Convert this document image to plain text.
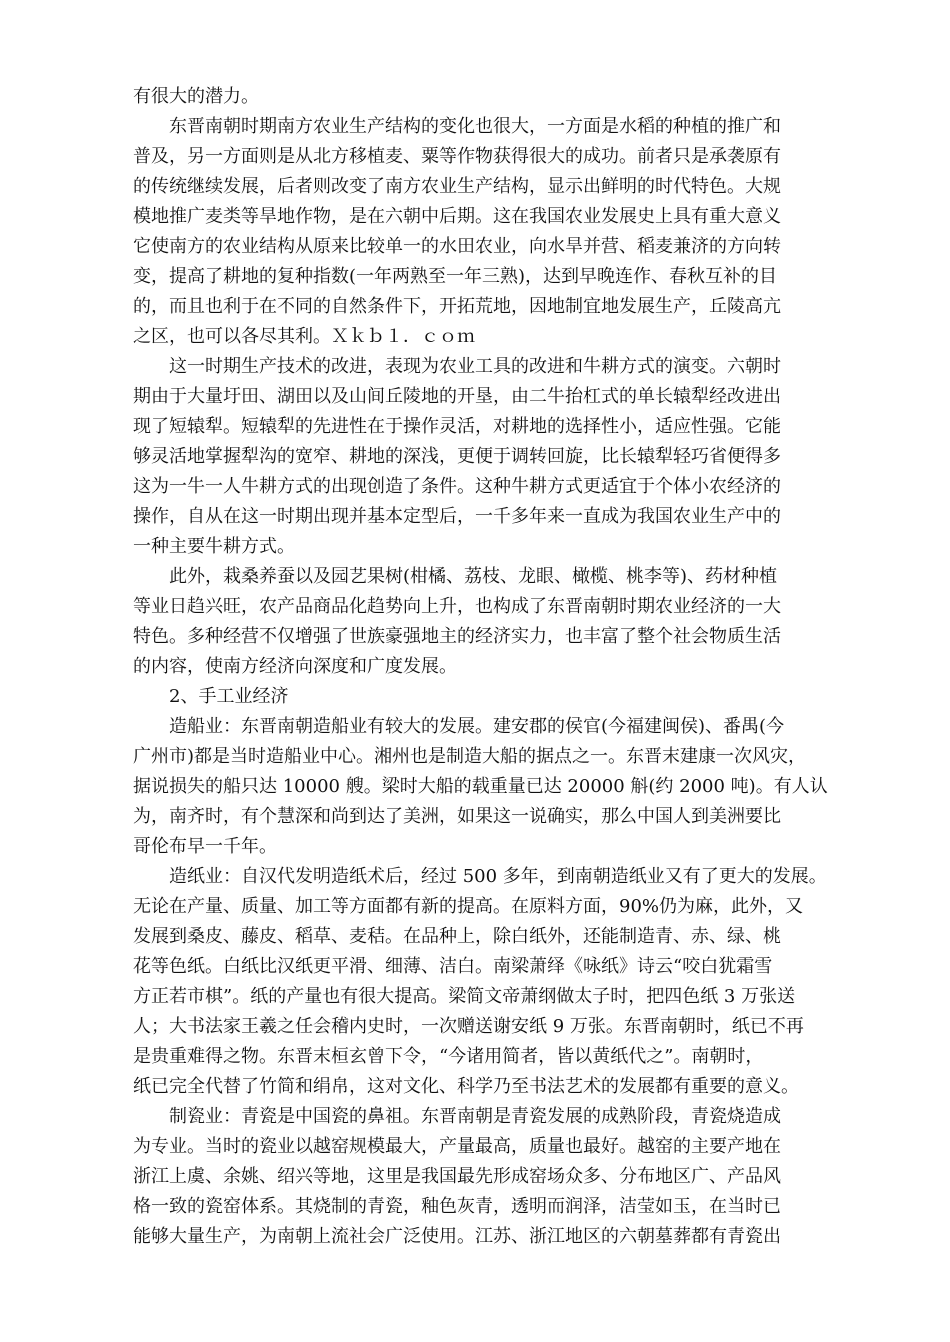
有很大的潜力。
东晋南朝时期南方农业生产结构的变化也很大，一方面是水稻的种植的推广和
普及，另一方面则是从北方移植麦、粟等作物获得很大的成功。前者只是承袭原有
的传统继续发展，后者则改变了南方农业生产结构，显示出鲜明的时代特色。大规
模地推广麦类等旱地作物，是在六朝中后期。这在我国农业发展史上具有重大意义
它使南方的农业结构从原来比较单一的水田农业，向水旱并营、稻麦兼济的方向转
变，提高了耕地的复种指数(一年两熟至一年三熟)，达到早晚连作、春秋互补的目
的，而且也利于在不同的自然条件下，开拓荒地，因地制宜地发展生产，丘陵高亢
之区，也可以各尽其利。Ｘｋｂ１．ｃｏｍ
这一时期生产技术的改进，表现为农业工具的改进和牛耕方式的演变。六朝时
期由于大量圩田、湖田以及山间丘陵地的开垦，由二牛抬杠式的单长辕犁经改进出
现了短辕犁。短辕犁的先进性在于操作灵活，对耕地的选择性小，适应性强。它能
够灵活地掌握犁沟的宽窄、耕地的深浅，更便于调转回旋，比长辕犁轻巧省便得多
这为一牛一人牛耕方式的出现创造了条件。这种牛耕方式更适宜于个体小农经济的
操作，自从在这一时期出现并基本定型后，一千多年来一直成为我国农业生产中的
一种主要牛耕方式。
此外，栽桑养蚕以及园艺果树(柑橘、荔枝、龙眼、橄榄、桃李等)、药材种植
等业日趋兴旺，农产品商品化趋势向上升，也构成了东晋南朝时期农业经济的一大
特色。多种经营不仅增强了世族豪强地主的经济实力，也丰富了整个社会物质生活
的内容，使南方经济向深度和广度发展。
2、手工业经济
造船业：东晋南朝造船业有较大的发展。建安郡的侯官(今福建闽侯)、番禺(今
广州市)都是当时造船业中心。湘州也是制造大船的据点之一。东晋末建康一次风灾，
据说损失的船只达 10000 艘。梁时大船的载重量已达 20000 斛(约 2000 吨)。有人认
为，南齐时，有个慧深和尚到达了美洲，如果这一说确实，那么中国人到美洲要比
哥伦布早一千年。
造纸业：自汉代发明造纸术后，经过 500 多年，到南朝造纸业又有了更大的发展。
无论在产量、质量、加工等方面都有新的提高。在原料方面，90%仍为麻，此外，又
发展到桑皮、藤皮、稻草、麦秸。在品种上，除白纸外，还能制造青、赤、绿、桃
花等色纸。白纸比汉纸更平滑、细薄、洁白。南梁萧绎《咏纸》诗云“咬白犹霜雪
方正若市棋”。纸的产量也有很大提高。梁简文帝萧纲做太子时，把四色纸 3 万张送
人；大书法家王羲之任会稽内史时，一次赠送谢安纸 9 万张。东晋南朝时，纸已不再
是贵重难得之物。东晋末桓玄曾下令，“今诸用简者，皆以黄纸代之”。南朝时，
纸已完全代替了竹简和绢帛，这对文化、科学乃至书法艺术的发展都有重要的意义。
制瓷业：青瓷是中国瓷的鼻祖。东晋南朝是青瓷发展的成熟阶段，青瓷烧造成
为专业。当时的瓷业以越窑规模最大，产量最高，质量也最好。越窑的主要产地在
浙江上虞、余姚、绍兴等地，这里是我国最先形成窑场众多、分布地区广、产品风
格一致的瓷窑体系。其烧制的青瓷，釉色灰青，透明而润泽，洁莹如玉，在当时已
能够大量生产，为南朝上流社会广泛使用。江苏、浙江地区的六朝墓葬都有青瓷出
